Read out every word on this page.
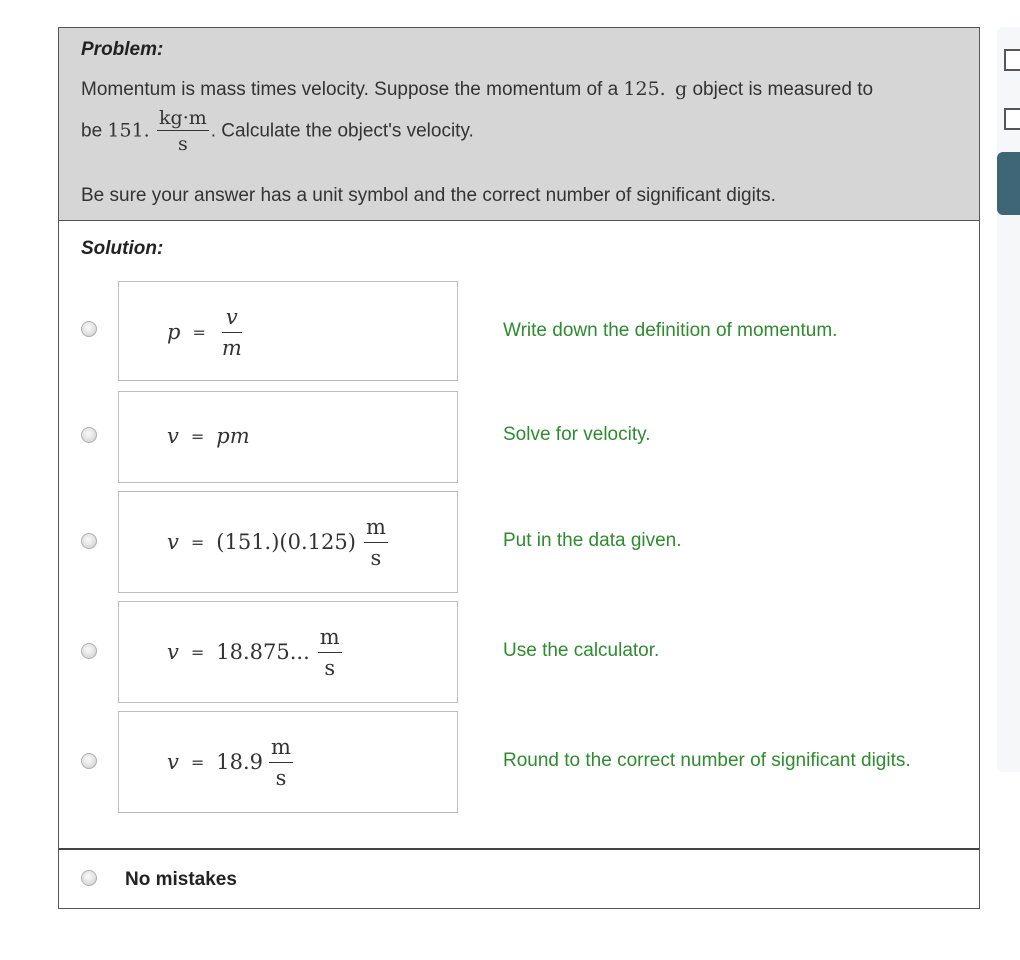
Problem:
Momentum is mass times velocity. Suppose the momentum of a 125. g object is measured to
be 151. $\frac{kg\cdot m}{s}$ . Calculate the object's velocity.
Be sure your answer has a unit symbol and the correct number of significant digits.
Solution:
$p = \frac{v}{m}$	Write down the definition of momentum.
v = pm	Solve for velocity.
$v = (151.)(0.125) \frac{m}{s}$	Put in the data given.
v = 18.875... $\frac{m}{s}$	Use the calculator.
$v = 18.9 \frac{m}{s}$	Round to the correct number of significant digits.
No mistakes
